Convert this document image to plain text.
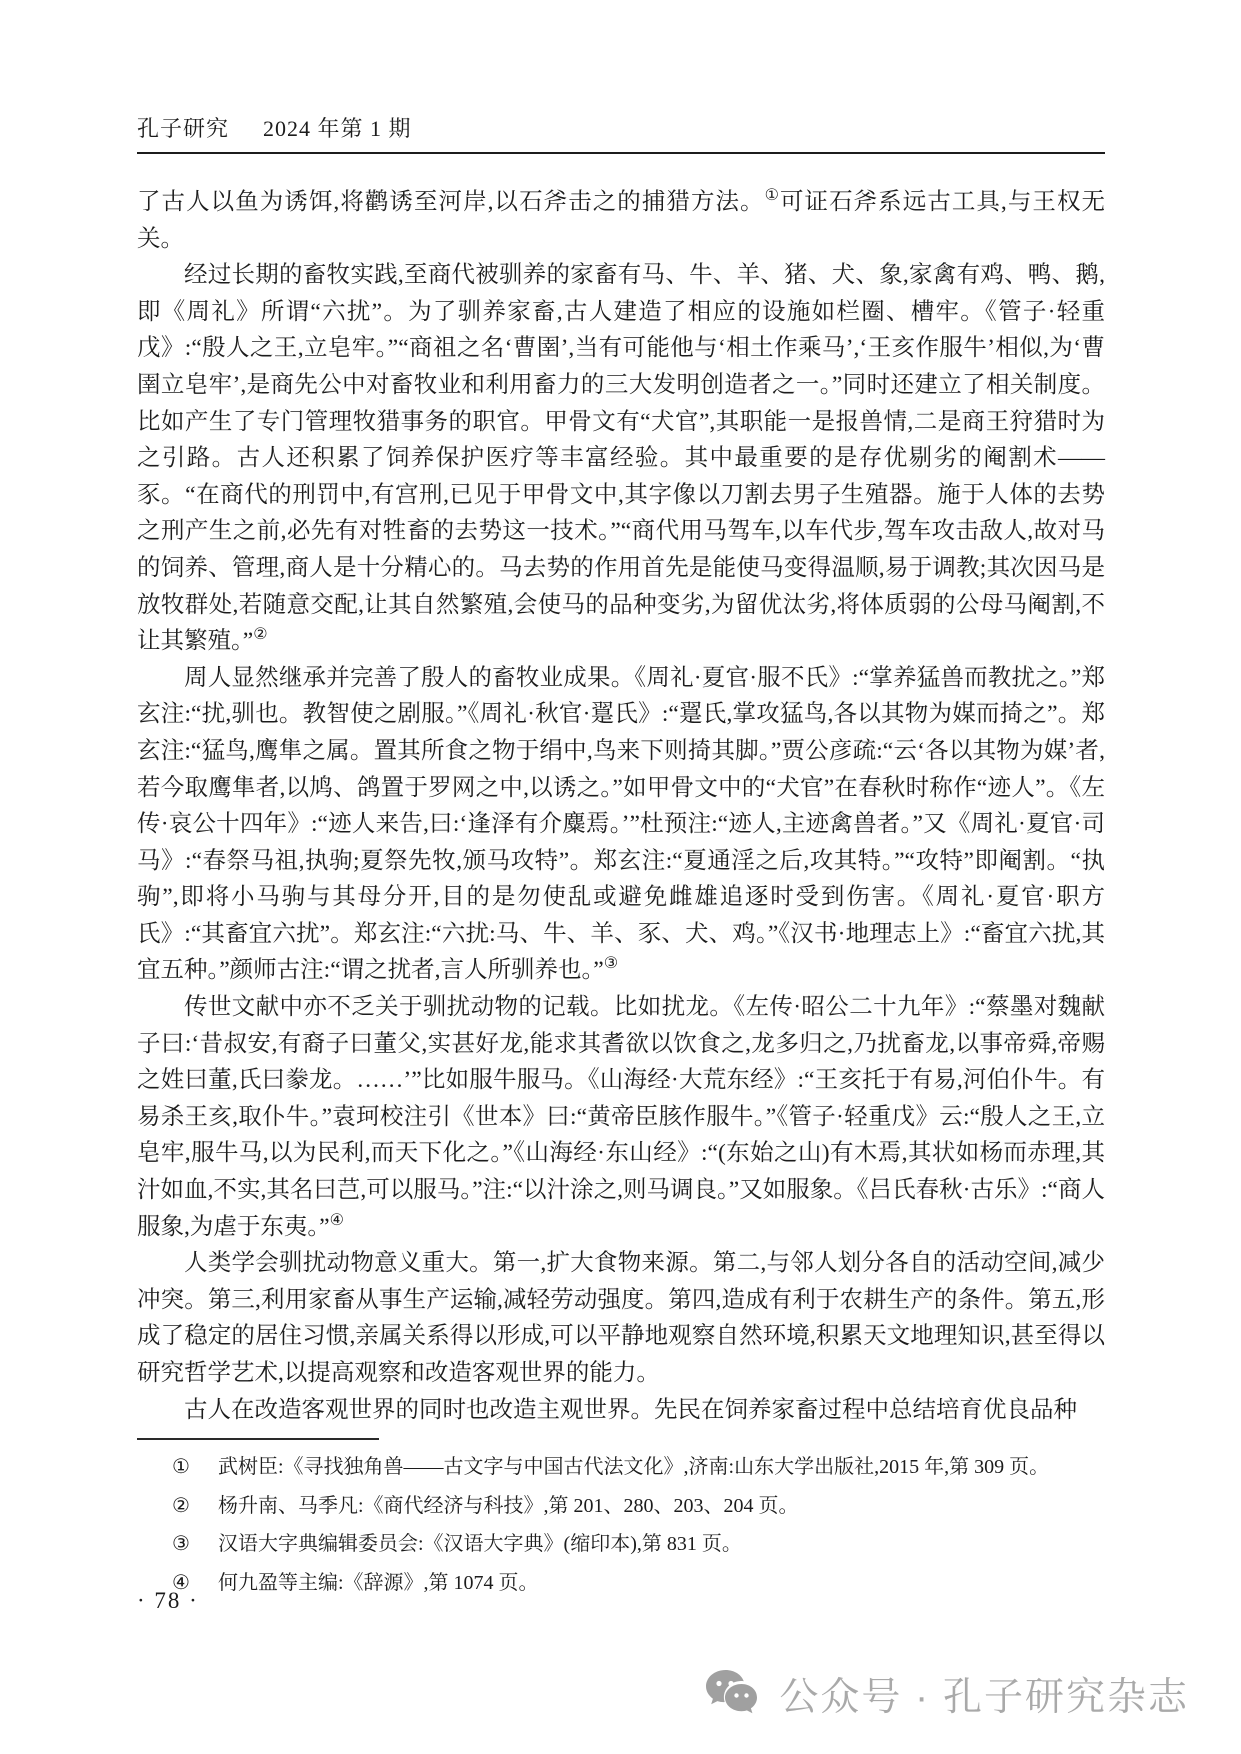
孔子研究 2024 年第 1 期

了古人以鱼为诱饵,将鹳诱至河岸,以石斧击之的捕猎方法。①可证石斧系远古工具,与王权无关。

经过长期的畜牧实践,至商代被驯养的家畜有马、牛、羊、猪、犬、象,家禽有鸡、鸭、鹅,即《周礼》所谓“六扰”。为了驯养家畜,古人建造了相应的设施如栏圈、槽牢。《管子·轻重戊》:“殷人之王,立皂牢。”“商祖之名‘曹圉’,当有可能他与‘相土作乘马’,‘王亥作服牛’相似,为‘曹圉立皂牢’,是商先公中对畜牧业和利用畜力的三大发明创造者之一。”同时还建立了相关制度。比如产生了专门管理牧猎事务的职官。甲骨文有“犬官”,其职能一是报兽情,二是商王狩猎时为之引路。古人还积累了饲养保护医疗等丰富经验。其中最重要的是存优剔劣的阉割术——豕。“在商代的刑罚中,有宫刑,已见于甲骨文中,其字像以刀割去男子生殖器。施于人体的去势之刑产生之前,必先有对牲畜的去势这一技术。”“商代用马驾车,以车代步,驾车攻击敌人,故对马的饲养、管理,商人是十分精心的。马去势的作用首先是能使马变得温顺,易于调教;其次因马是放牧群处,若随意交配,让其自然繁殖,会使马的品种变劣,为留优汰劣,将体质弱的公母马阉割,不让其繁殖。”②

周人显然继承并完善了殷人的畜牧业成果。《周礼·夏官·服不氏》:“掌养猛兽而教扰之。”郑玄注:“扰,驯也。教智使之剧服。”《周礼·秋官·翨氏》:“翨氏,掌攻猛鸟,各以其物为媒而掎之”。郑玄注:“猛鸟,鹰隼之属。置其所食之物于绢中,鸟来下则掎其脚。”贾公彦疏:“云‘各以其物为媒’者,若今取鹰隼者,以鸠、鸽置于罗网之中,以诱之。”如甲骨文中的“犬官”在春秋时称作“迹人”。《左传·哀公十四年》:“迹人来告,曰:‘逢泽有介麋焉。’”杜预注:“迹人,主迹禽兽者。”又《周礼·夏官·司马》:“春祭马祖,执驹;夏祭先牧,颁马攻特”。郑玄注:“夏通淫之后,攻其特。”“攻特”即阉割。“执驹”,即将小马驹与其母分开,目的是勿使乱或避免雌雄追逐时受到伤害。《周礼·夏官·职方氏》:“其畜宜六扰”。郑玄注:“六扰:马、牛、羊、豕、犬、鸡。”《汉书·地理志上》:“畜宜六扰,其宜五种。”颜师古注:“谓之扰者,言人所驯养也。”③

传世文献中亦不乏关于驯扰动物的记载。比如扰龙。《左传·昭公二十九年》:“蔡墨对魏献子曰:‘昔叔安,有裔子曰董父,实甚好龙,能求其耆欲以饮食之,龙多归之,乃扰畜龙,以事帝舜,帝赐之姓曰董,氏曰豢龙。……’”比如服牛服马。《山海经·大荒东经》:“王亥托于有易,河伯仆牛。有易杀王亥,取仆牛。”袁珂校注引《世本》曰:“黄帝臣胲作服牛。”《管子·轻重戊》云:“殷人之王,立皂牢,服牛马,以为民利,而天下化之。”《山海经·东山经》:“(东始之山)有木焉,其状如杨而赤理,其汁如血,不实,其名曰芑,可以服马。”注:“以汁涂之,则马调良。”又如服象。《吕氏春秋·古乐》:“商人服象,为虐于东夷。”④

人类学会驯扰动物意义重大。第一,扩大食物来源。第二,与邻人划分各自的活动空间,减少冲突。第三,利用家畜从事生产运输,减轻劳动强度。第四,造成有利于农耕生产的条件。第五,形成了稳定的居住习惯,亲属关系得以形成,可以平静地观察自然环境,积累天文地理知识,甚至得以研究哲学艺术,以提高观察和改造客观世界的能力。

古人在改造客观世界的同时也改造主观世界。先民在饲养家畜过程中总结培育优良品种

① 武树臣:《寻找独角兽——古文字与中国古代法文化》,济南:山东大学出版社,2015 年,第 309 页。
② 杨升南、马季凡:《商代经济与科技》,第 201、280、203、204 页。
③ 汉语大字典编辑委员会:《汉语大字典》(缩印本),第 831 页。
④ 何九盈等主编:《辞源》,第 1074 页。
· 78 ·
公众号 · 孔子研究杂志
